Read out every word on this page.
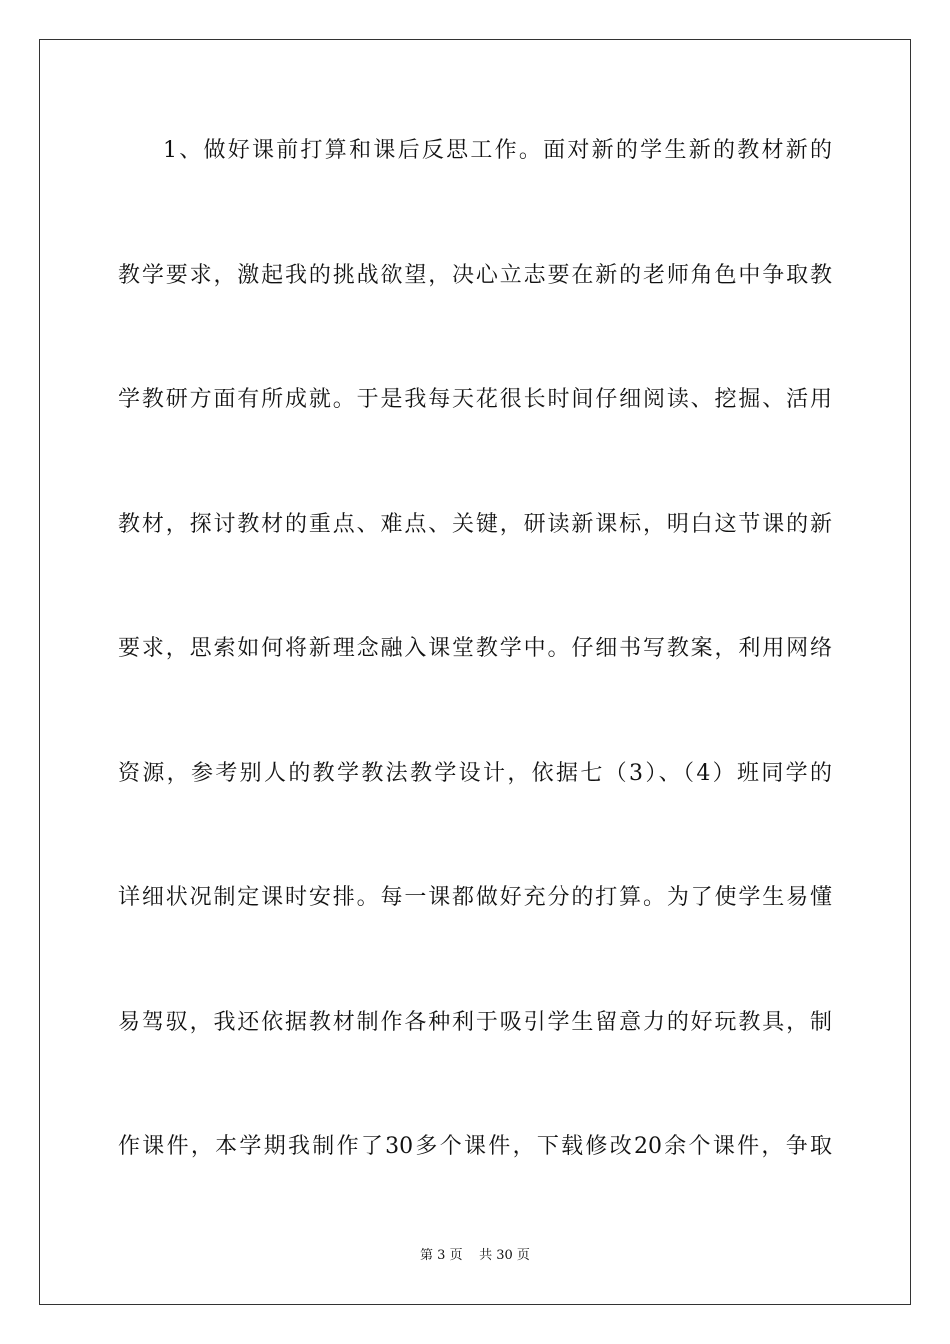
1、做好课前打算和课后反思工作。面对新的学生新的教材新的
教学要求，激起我的挑战欲望，决心立志要在新的老师角色中争取教
学教研方面有所成就。于是我每天花很长时间仔细阅读、挖掘、活用
教材，探讨教材的重点、难点、关键，研读新课标，明白这节课的新
要求，思索如何将新理念融入课堂教学中。仔细书写教案，利用网络
资源，参考别人的教学教法教学设计，依据七（3）、（4）班同学的
详细状况制定课时安排。每一课都做好充分的打算。为了使学生易懂
易驾驭，我还依据教材制作各种利于吸引学生留意力的好玩教具，制
作课件，本学期我制作了30多个课件，下载修改20余个课件，争取
第 3 页 共 30 页
